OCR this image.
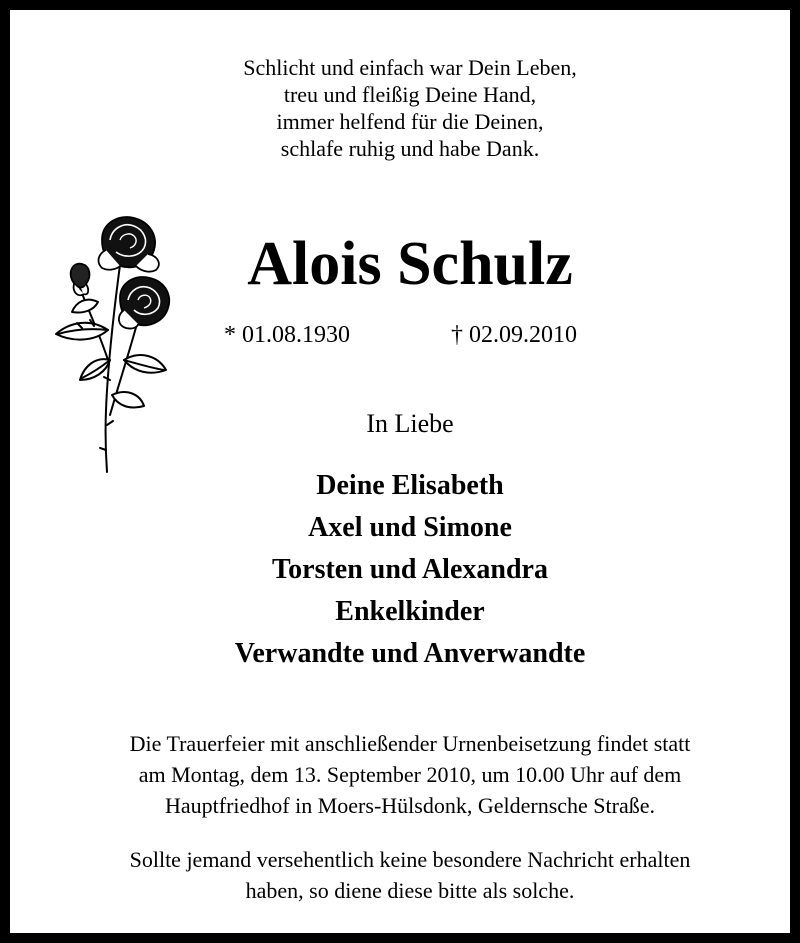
Schlicht und einfach war Dein Leben,
treu und fleißig Deine Hand,
immer helfend für die Deinen,
schlafe ruhig und habe Dank.
Alois Schulz
* 01.08.1930	† 02.09.2010
In Liebe
Deine Elisabeth
Axel und Simone
Torsten und Alexandra
Enkelkinder
Verwandte und Anverwandte
Die Trauerfeier mit anschließender Urnenbeisetzung findet statt
am Montag, dem 13. September 2010, um 10.00 Uhr auf dem
Hauptfriedhof in Moers-Hülsdonk, Geldernsche Straße.
Sollte jemand versehentlich keine besondere Nachricht erhalten
haben, so diene diese bitte als solche.
